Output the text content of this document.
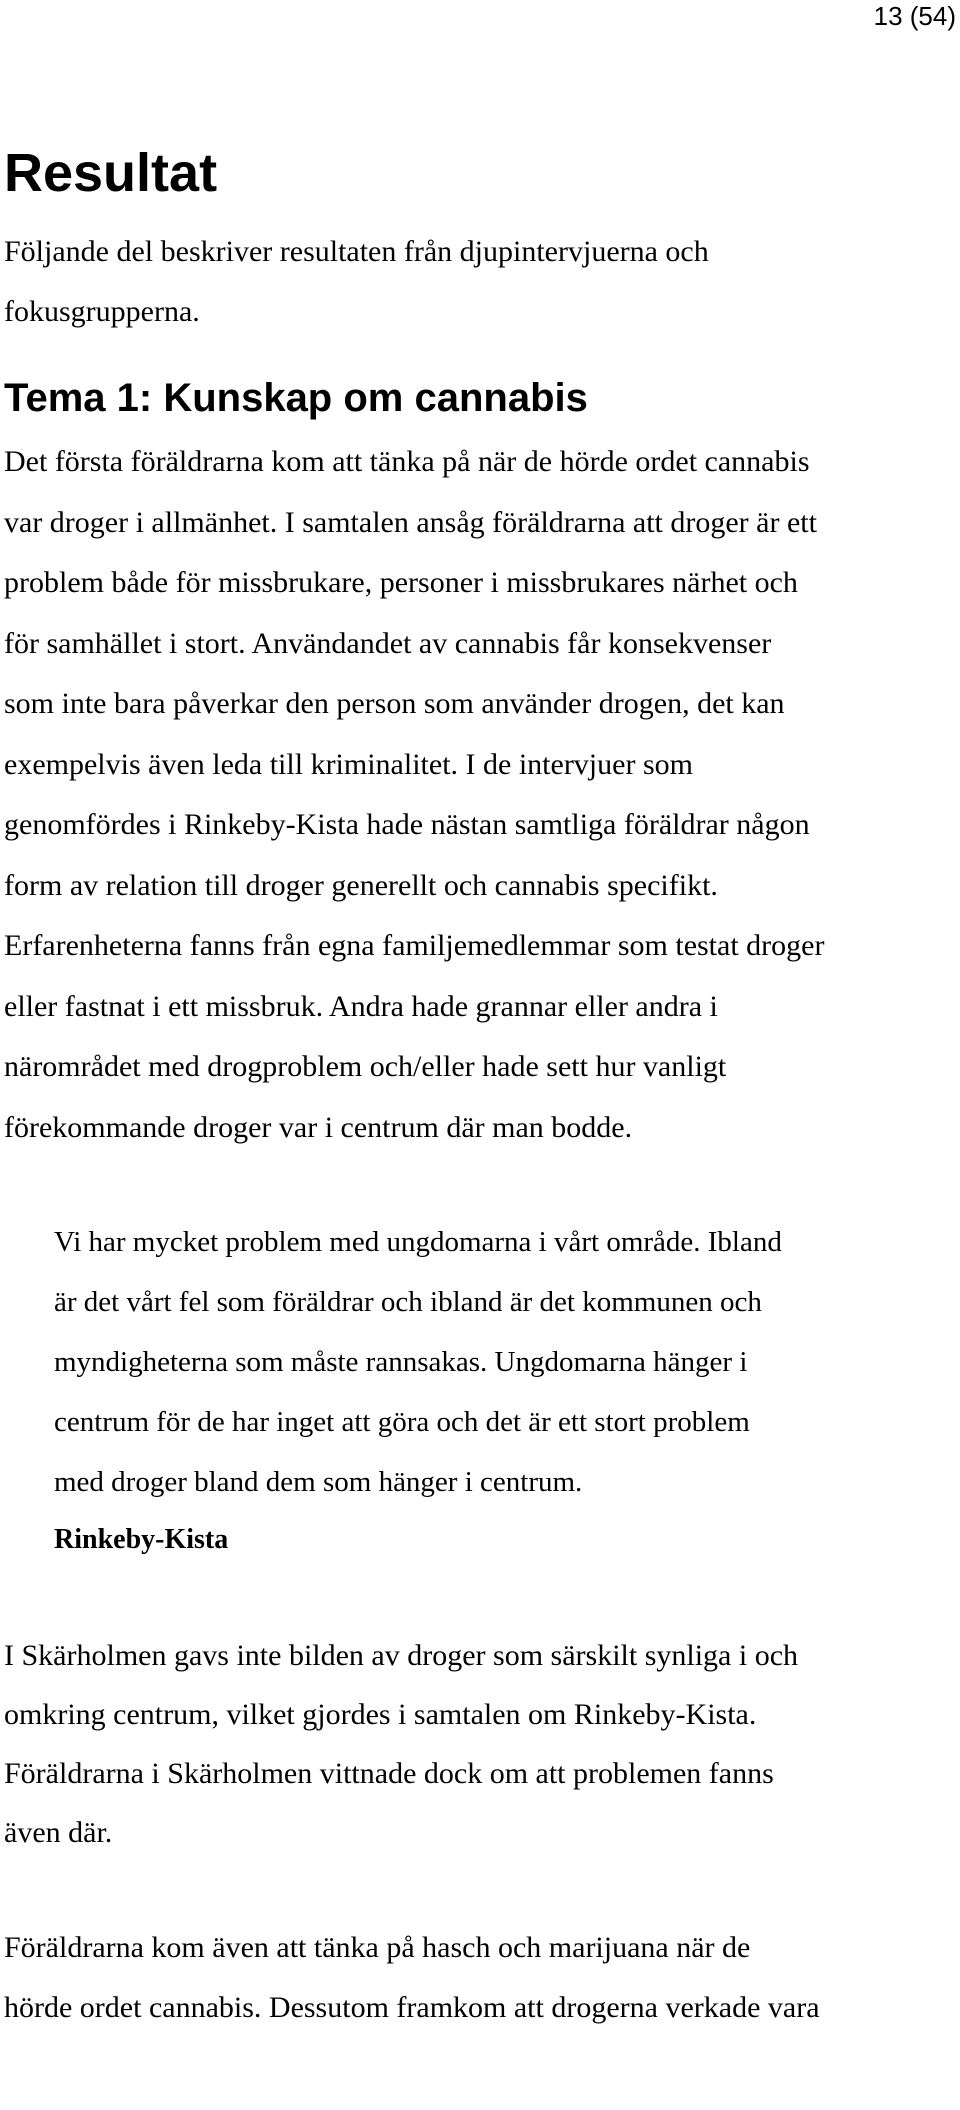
13 (54)
Resultat

Följande del beskriver resultaten från djupintervjuerna och
fokusgrupperna.

Tema 1: Kunskap om cannabis

Det första föräldrarna kom att tänka på när de hörde ordet cannabis
var droger i allmänhet. I samtalen ansåg föräldrarna att droger är ett
problem både för missbrukare, personer i missbrukares närhet och
för samhället i stort. Användandet av cannabis får konsekvenser
som inte bara påverkar den person som använder drogen, det kan
exempelvis även leda till kriminalitet. I de intervjuer som
genomfördes i Rinkeby-Kista hade nästan samtliga föräldrar någon
form av relation till droger generellt och cannabis specifikt.
Erfarenheterna fanns från egna familjemedlemmar som testat droger
eller fastnat i ett missbruk. Andra hade grannar eller andra i
närområdet med drogproblem och/eller hade sett hur vanligt
förekommande droger var i centrum där man bodde.

Vi har mycket problem med ungdomarna i vårt område. Ibland
är det vårt fel som föräldrar och ibland är det kommunen och
myndigheterna som måste rannsakas. Ungdomarna hänger i
centrum för de har inget att göra och det är ett stort problem
med droger bland dem som hänger i centrum.
Rinkeby-Kista

I Skärholmen gavs inte bilden av droger som särskilt synliga i och
omkring centrum, vilket gjordes i samtalen om Rinkeby-Kista.
Föräldrarna i Skärholmen vittnade dock om att problemen fanns
även där.

Föräldrarna kom även att tänka på hasch och marijuana när de
hörde ordet cannabis. Dessutom framkom att drogerna verkade vara
